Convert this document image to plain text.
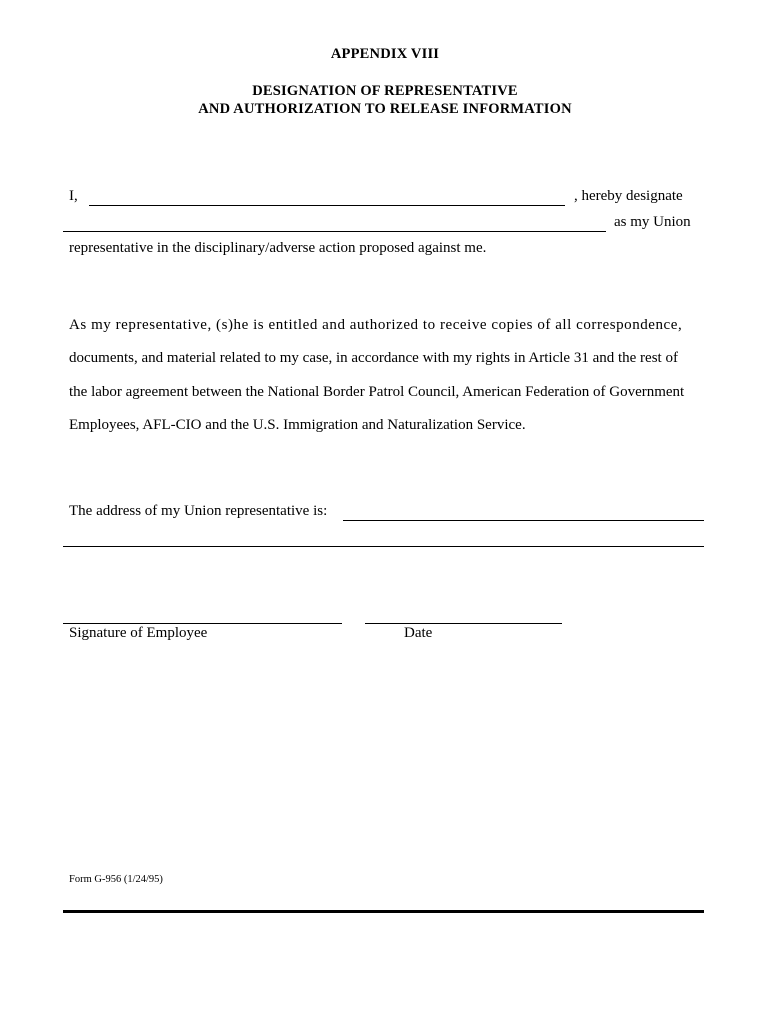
APPENDIX VIII
DESIGNATION OF REPRESENTATIVE
AND AUTHORIZATION TO RELEASE INFORMATION
I,	, hereby designate
as my Union
representative in the disciplinary/adverse action proposed against me.
As my representative, (s)he is entitled and authorized to receive copies of all correspondence,
documents, and material related to my case, in accordance with my rights in Article 31 and the rest of
the labor agreement between the National Border Patrol Council, American Federation of Government
Employees, AFL-CIO and the U.S. Immigration and Naturalization Service.
The address of my Union representative is:
Signature of Employee	Date
Form G-956 (1/24/95)
